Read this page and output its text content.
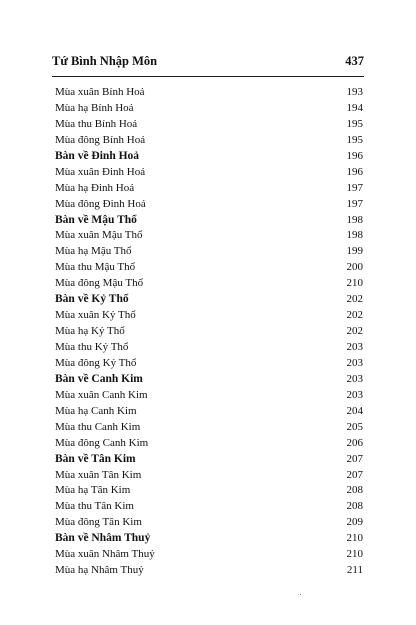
Tứ Bình Nhập Môn	437
Mùa xuân Bính Hoả	193
Mùa hạ Bính Hoả	194
Mùa thu Bính Hoả	195
Mùa đông Bính Hoả	195
Bàn về Đinh Hoả	196
Mùa xuân Đinh Hoả	196
Mùa hạ Đinh Hoả	197
Mùa đông Đinh Hoả	197
Bàn về Mậu Thổ	198
Mùa xuân Mậu Thổ	198
Mùa hạ Mậu Thổ	199
Mùa thu Mậu Thổ	200
Mùa đông Mậu Thổ	210
Bàn về Kỷ Thổ	202
Mùa xuân Kỷ Thổ	202
Mùa hạ Kỷ Thổ	202
Mùa thu Kỷ Thổ	203
Mùa đông Kỷ Thổ	203
Bàn về Canh Kim	203
Mùa xuân Canh Kim	203
Mùa hạ Canh Kim	204
Mùa thu Canh Kim	205
Mùa đông Canh Kim	206
Bàn về Tân Kim	207
Mùa xuân Tân Kim	207
Mùa hạ Tân Kim	208
Mùa thu Tân Kim	208
Mùa đông Tân Kim	209
Bàn về Nhâm Thuỷ	210
Mùa xuân Nhâm Thuỷ	210
Mùa hạ Nhâm Thuỷ	211
